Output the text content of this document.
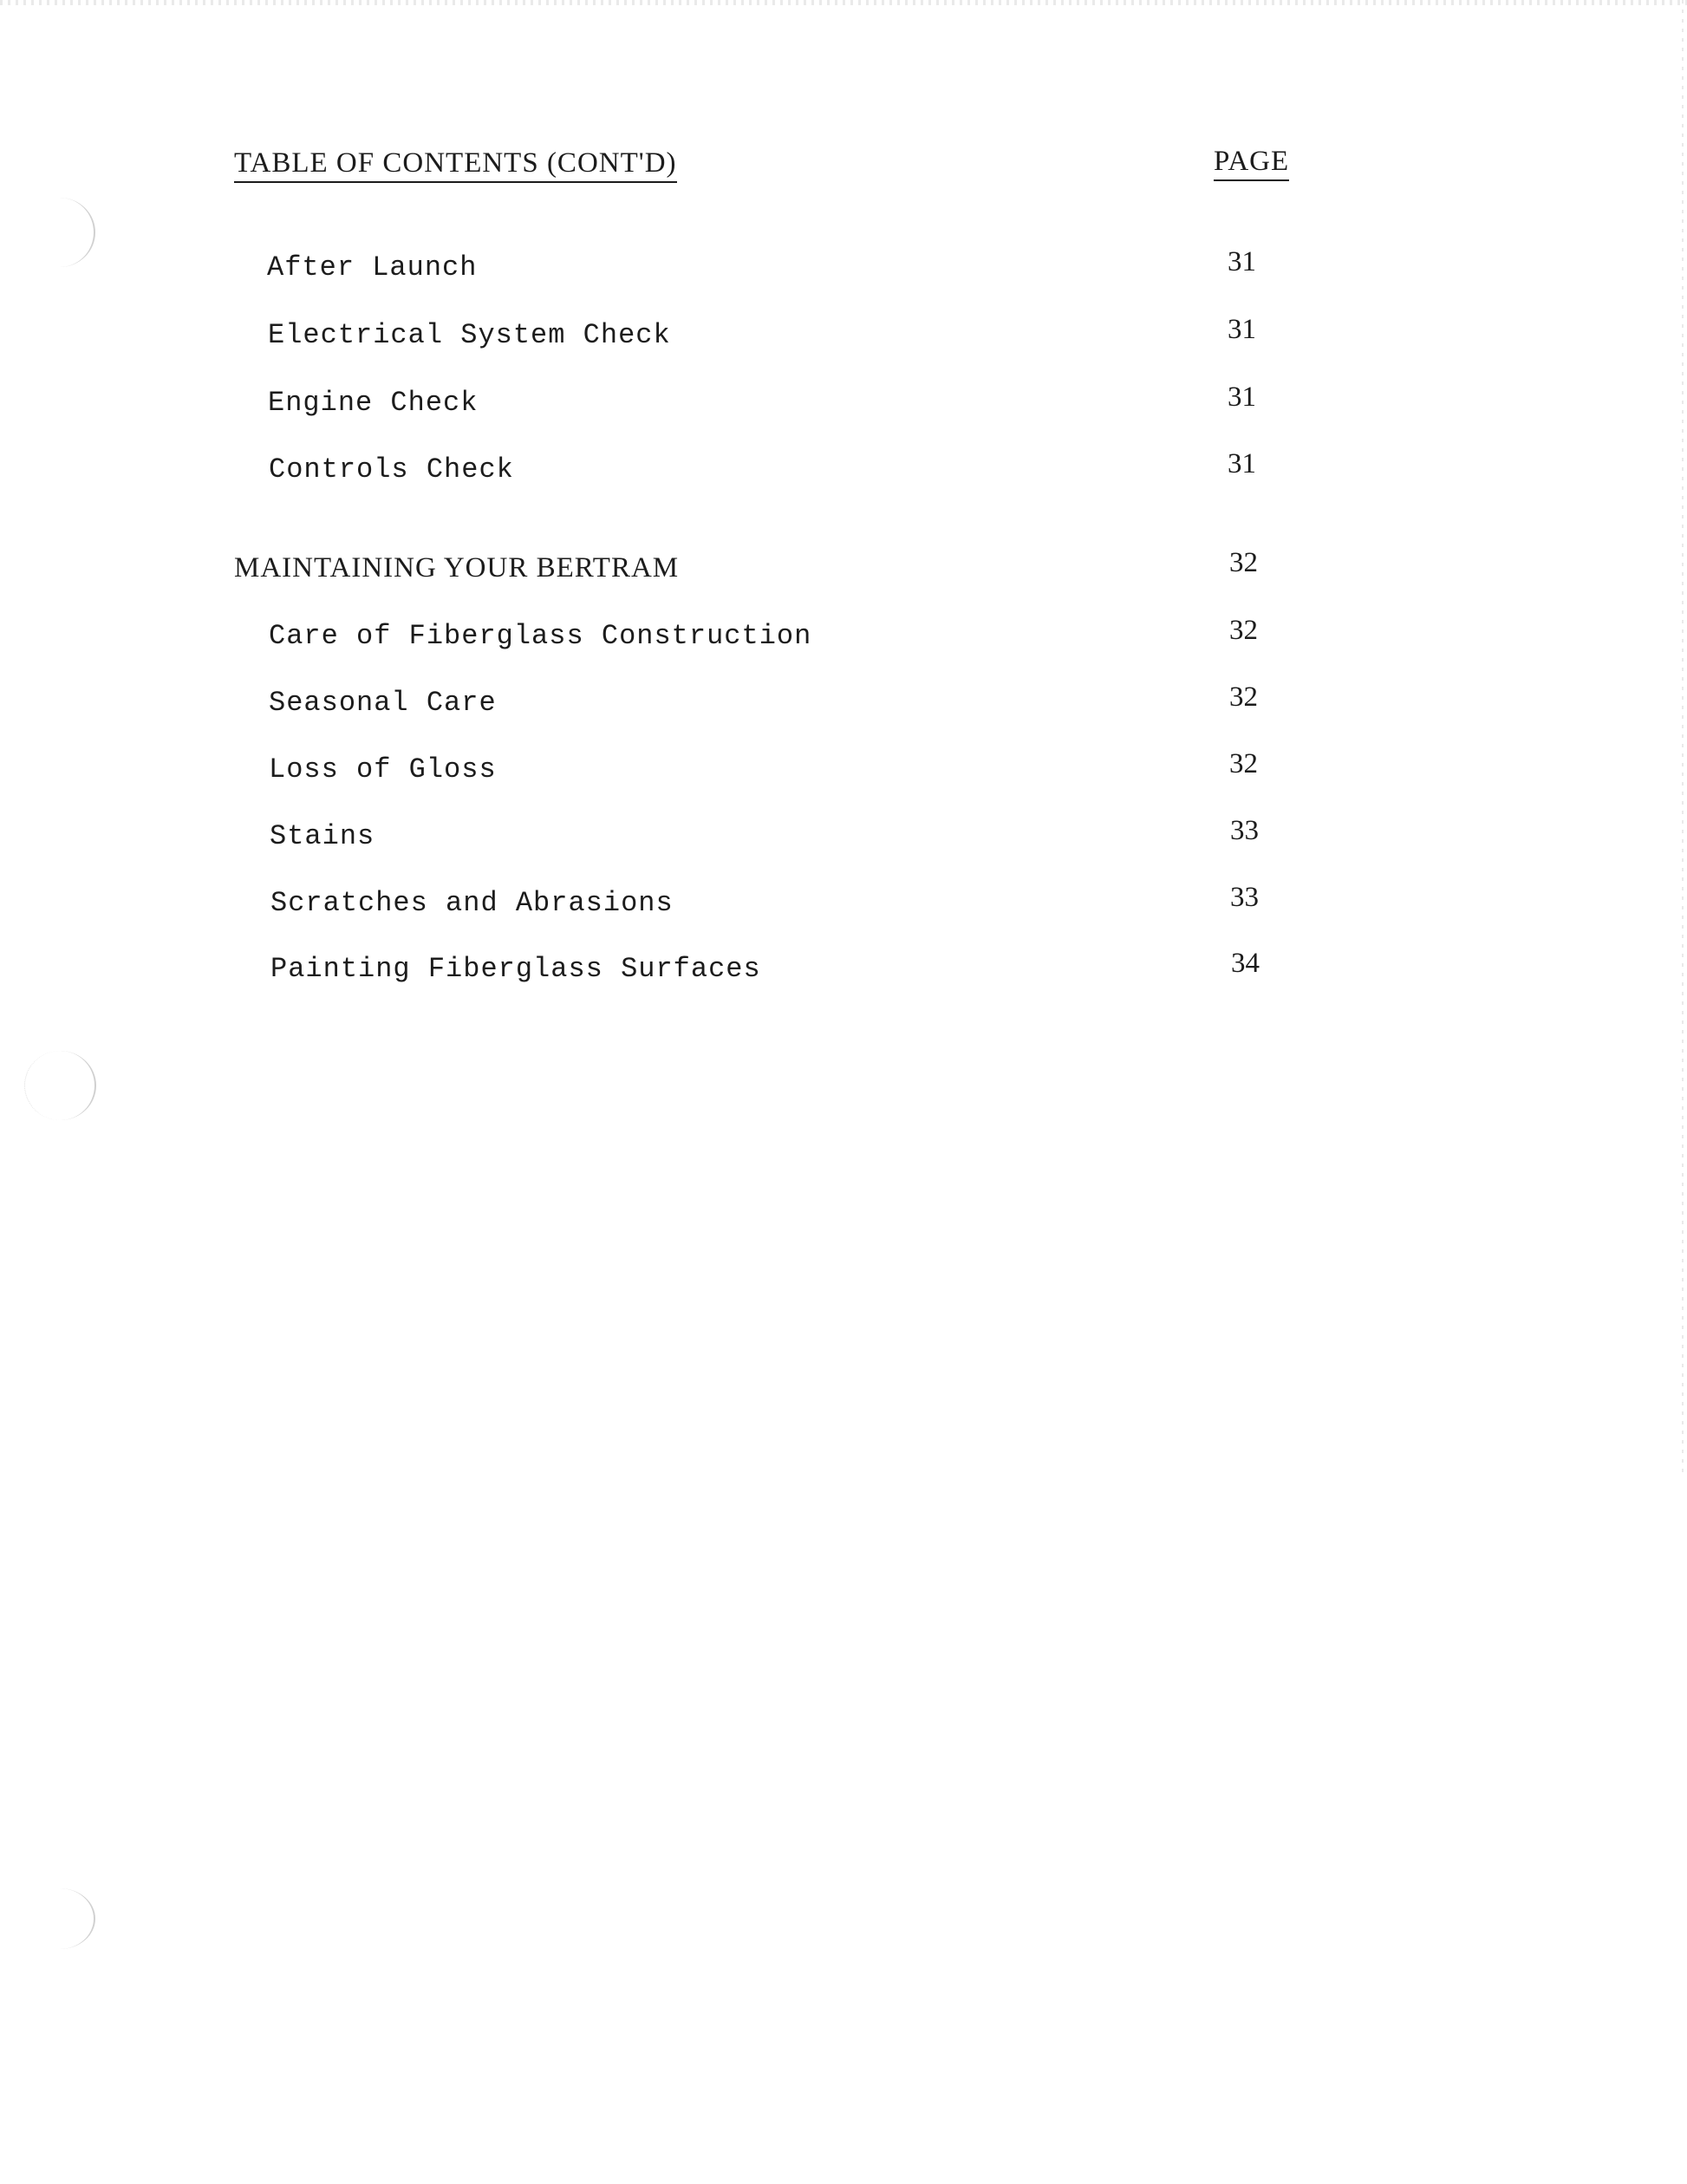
TABLE OF CONTENTS (CONT'D)	PAGE
After Launch	31
Electrical System Check	31
Engine Check	31
Controls Check	31
MAINTAINING YOUR BERTRAM	32
Care of Fiberglass Construction	32
Seasonal Care	32
Loss of Gloss	32
Stains	33
Scratches and Abrasions	33
Painting Fiberglass Surfaces	34
